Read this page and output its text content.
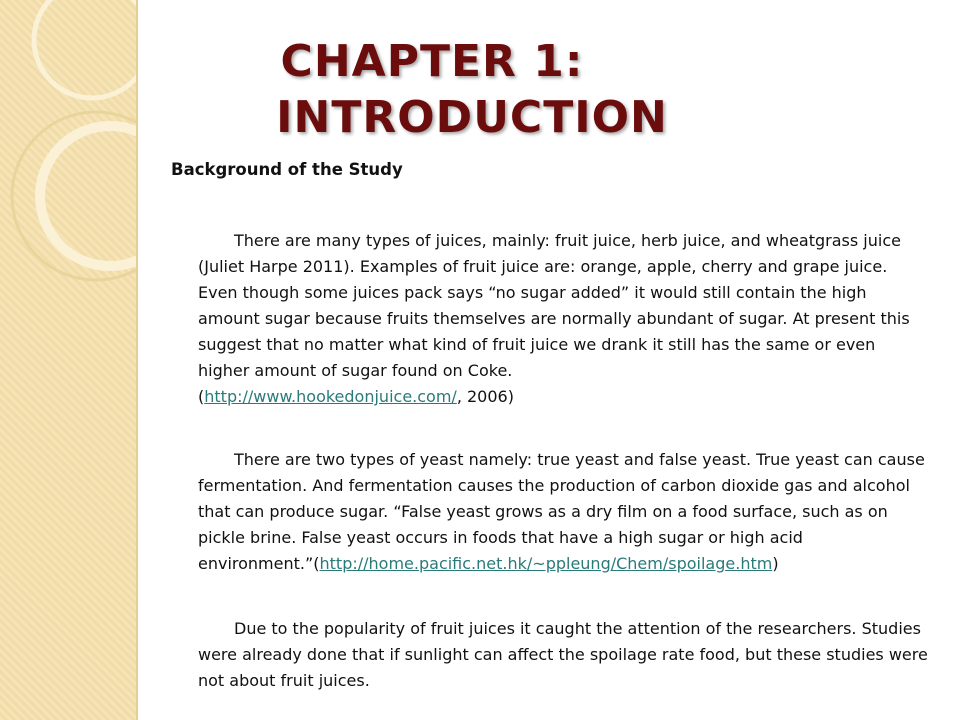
CHAPTER 1:
INTRODUCTION
Background of the Study

There are many types of juices, mainly: fruit juice, herb juice, and wheatgrass juice (Juliet Harpe 2011). Examples of fruit juice are: orange, apple, cherry and grape juice. Even though some juices pack says “no sugar added” it would still contain the high amount sugar because fruits themselves are normally abundant of sugar. At present this suggest that no matter what kind of fruit juice we drank it still has the same or even higher amount of sugar found on Coke.
(http://www.hookedonjuice.com/, 2006)

There are two types of yeast namely: true yeast and false yeast. True yeast can cause fermentation. And fermentation causes the production of carbon dioxide gas and alcohol that can produce sugar. “False yeast grows as a dry film on a food surface, such as on pickle brine. False yeast occurs in foods that have a high sugar or high acid environment.”(http://home.pacific.net.hk/~ppleung/Chem/spoilage.htm)

Due to the popularity of fruit juices it caught the attention of the researchers. Studies were already done that if sunlight can affect the spoilage rate food, but these studies were not about fruit juices.
